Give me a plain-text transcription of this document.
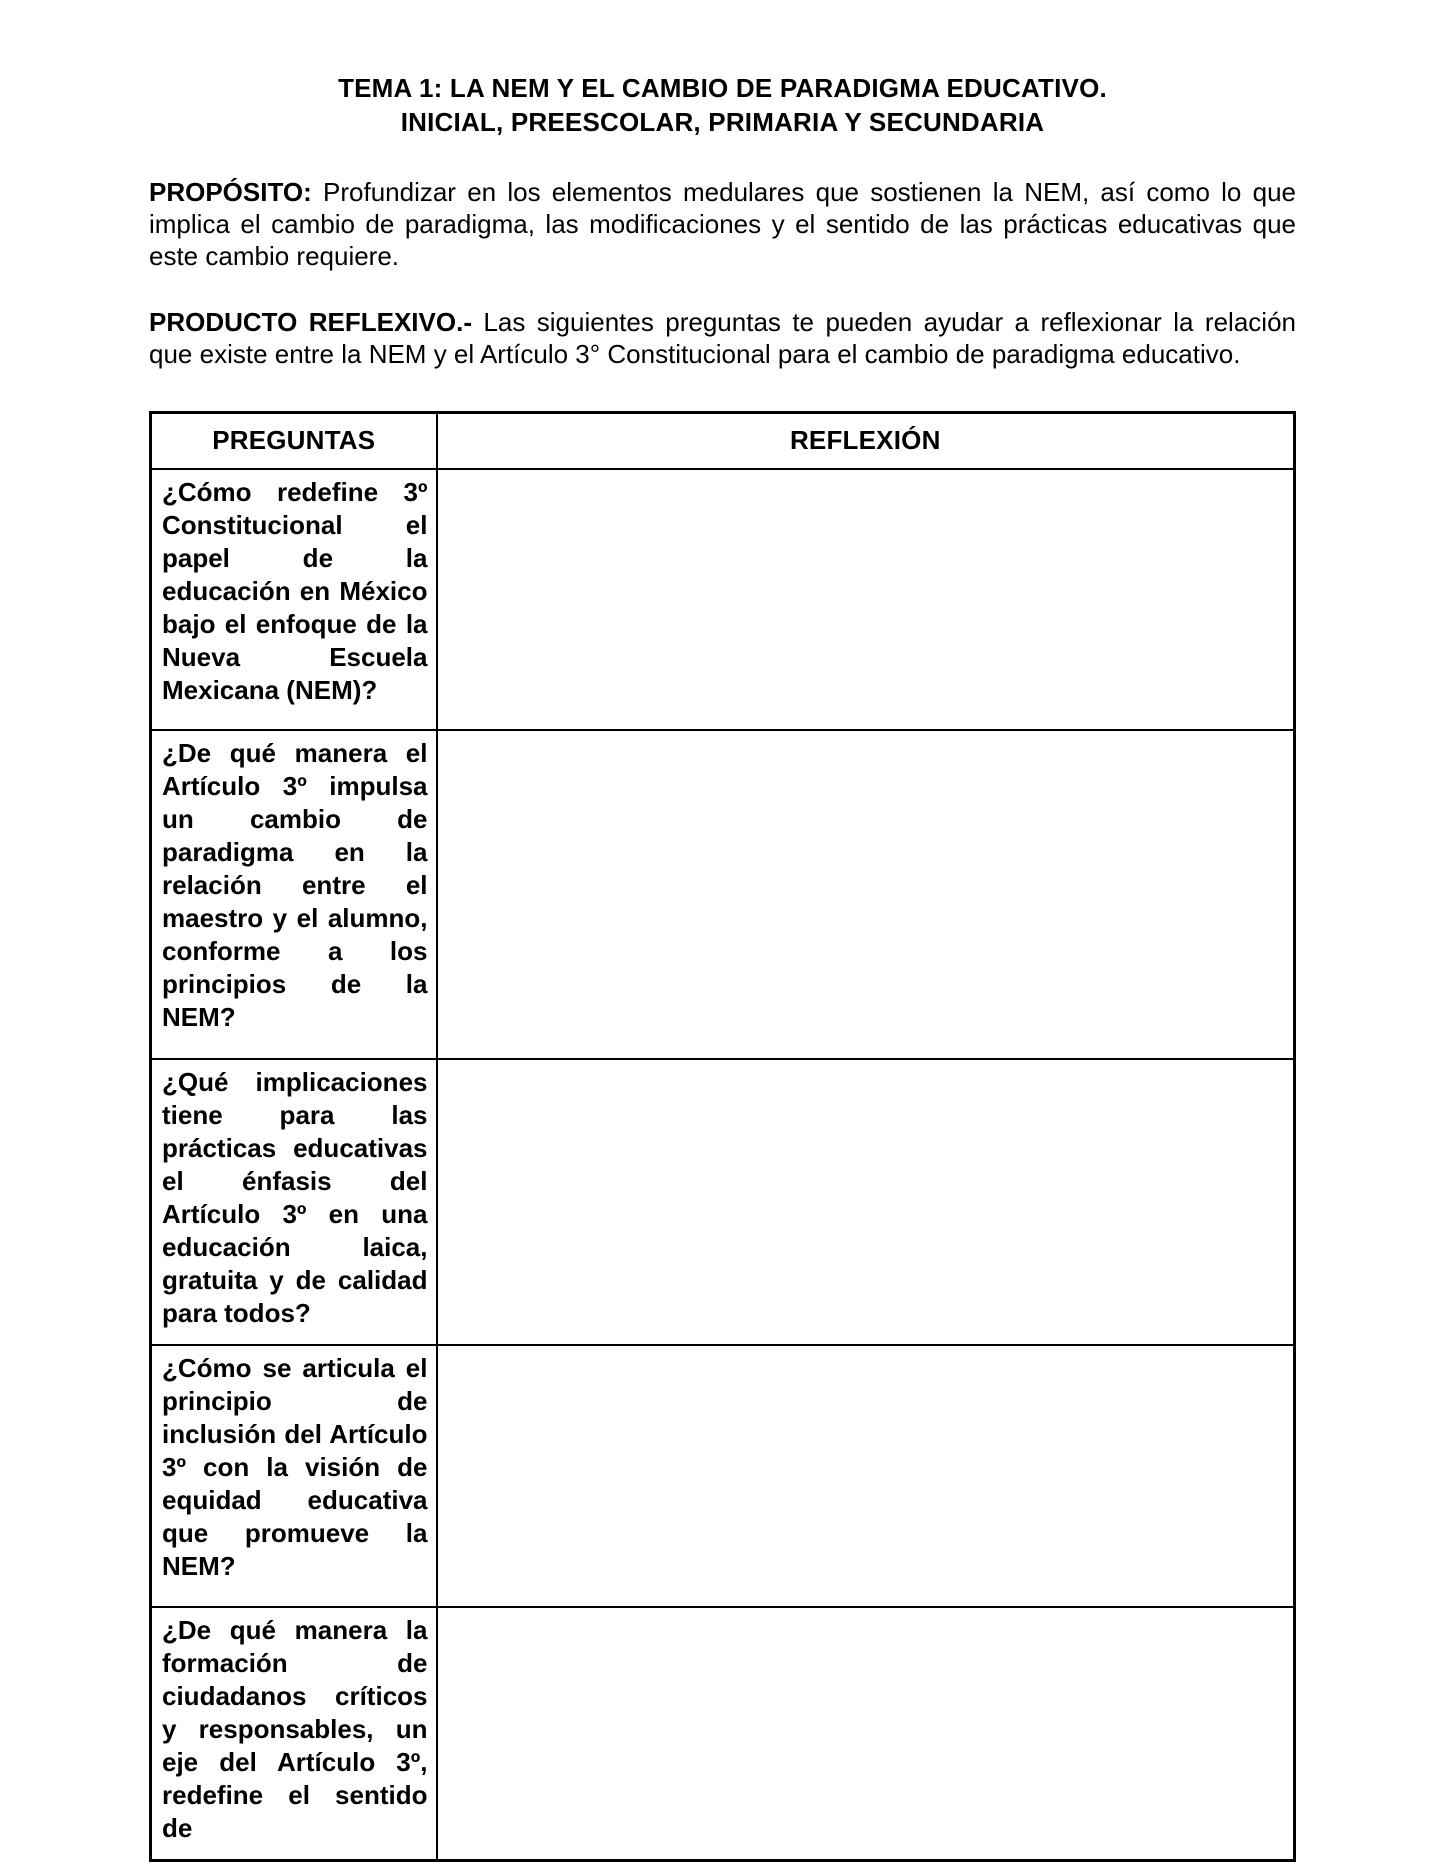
TEMA 1: LA NEM Y EL CAMBIO DE PARADIGMA EDUCATIVO.
INICIAL, PREESCOLAR, PRIMARIA Y SECUNDARIA

PROPÓSITO: Profundizar en los elementos medulares que sostienen la NEM, así como lo que implica el cambio de paradigma, las modificaciones y el sentido de las prácticas educativas que este cambio requiere.

PRODUCTO REFLEXIVO.- Las siguientes preguntas te pueden ayudar a reflexionar la relación que existe entre la NEM y el Artículo 3° Constitucional para el cambio de paradigma educativo.

PREGUNTAS	REFLEXIÓN
¿Cómo redefine 3º Constitucional el papel de la educación en México bajo el enfoque de la Nueva Escuela Mexicana (NEM)?	
¿De qué manera el Artículo 3º impulsa un cambio de paradigma en la relación entre el maestro y el alumno, conforme a los principios de la NEM?	
¿Qué implicaciones tiene para las prácticas educativas el énfasis del Artículo 3º en una educación laica, gratuita y de calidad para todos?	
¿Cómo se articula el principio de inclusión del Artículo 3º con la visión de equidad educativa que promueve la NEM?	
¿De qué manera la formación de ciudadanos críticos y responsables, un eje del Artículo 3º, redefine el sentido de	
